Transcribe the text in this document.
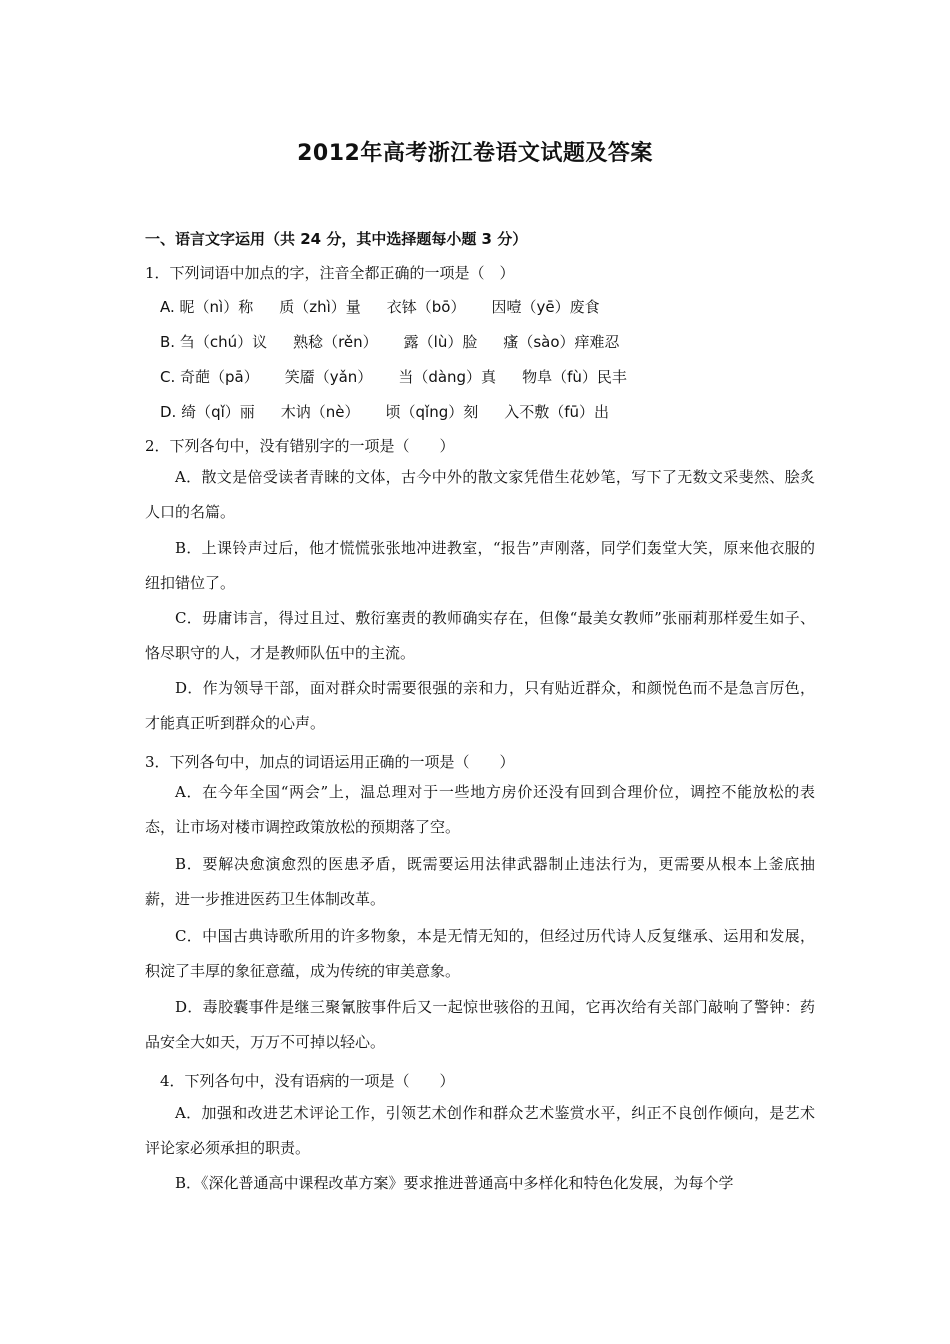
2012年高考浙江卷语文试题及答案
一、语言文字运用（共 24 分，其中选择题每小题 3 分）
1．下列词语中加点的字，注音全都正确的一项是（　）
A. 昵（nì）称 质（zhì）量 衣钵（bō） 因噎（yē）废食
B. 刍（chú）议 熟稔（rěn） 露（lù）脸 瘙（sào）痒难忍
C. 奇葩（pā） 笑靥（yǎn） 当（dàng）真 物阜（fù）民丰
D. 绮（qǐ）丽 木讷（nè） 顷（qǐng）刻 入不敷（fū）出
2．下列各句中，没有错别字的一项是（　　）
A．散文是倍受读者青睐的文体，古今中外的散文家凭借生花妙笔，写下了无数文采斐然、脍炙人口的名篇。
B．上课铃声过后，他才慌慌张张地冲进教室，“报告”声刚落，同学们轰堂大笑，原来他衣服的纽扣错位了。
C．毋庸讳言，得过且过、敷衍塞责的教师确实存在，但像“最美女教师”张丽莉那样爱生如子、恪尽职守的人，才是教师队伍中的主流。
D．作为领导干部，面对群众时需要很强的亲和力，只有贴近群众，和颜悦色而不是急言厉色，才能真正听到群众的心声。
3．下列各句中，加点的词语运用正确的一项是（　　）
A．在今年全国“两会”上，温总理对于一些地方房价还没有回到合理价位，调控不能放松的表态，让市场对楼市调控政策放松的预期落了空。
B．要解决愈演愈烈的医患矛盾，既需要运用法律武器制止违法行为，更需要从根本上釜底抽薪，进一步推进医药卫生体制改革。
C．中国古典诗歌所用的许多物象，本是无情无知的，但经过历代诗人反复继承、运用和发展，积淀了丰厚的象征意蕴，成为传统的审美意象。
D．毒胶囊事件是继三聚氰胺事件后又一起惊世骇俗的丑闻，它再次给有关部门敲响了警钟：药品安全大如天，万万不可掉以轻心。
4．下列各句中，没有语病的一项是（　　）
A．加强和改进艺术评论工作，引领艺术创作和群众艺术鉴赏水平，纠正不良创作倾向，是艺术评论家必须承担的职责。
B．《深化普通高中课程改革方案》要求推进普通高中多样化和特色化发展，为每个学
